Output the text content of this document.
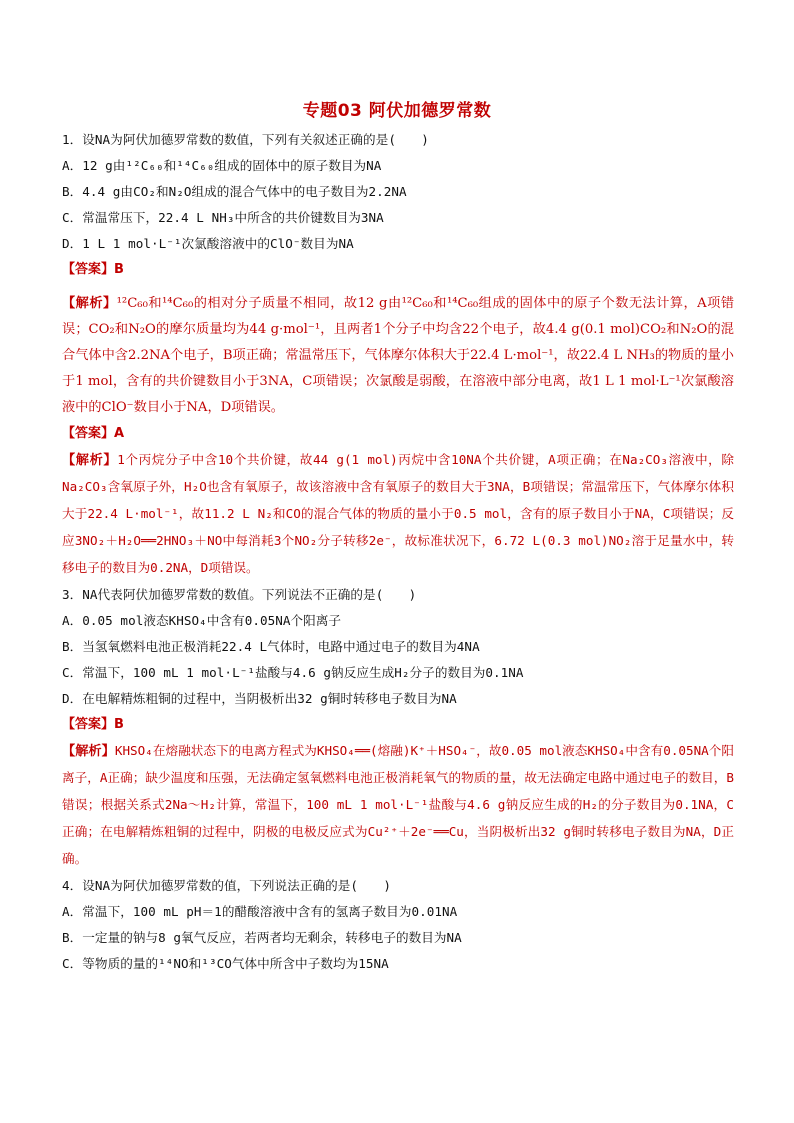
专题03 阿伏加德罗常数
1．设NA为阿伏加德罗常数的数值，下列有关叙述正确的是(　　)
A．12 g由¹²C₆₀和¹⁴C₆₀组成的固体中的原子数目为NA
B．4.4 g由CO₂和N₂O组成的混合气体中的电子数目为2.2NA
C．常温常压下，22.4 L NH₃中所含的共价键数目为3NA
D．1 L 1 mol·L⁻¹次氯酸溶液中的ClO⁻数目为NA
【答案】B
【解析】¹²C₆₀和¹⁴C₆₀的相对分子质量不相同，故12 g由¹²C₆₀和¹⁴C₆₀组成的固体中的原子个数无法计算，A项错误；CO₂和N₂O的摩尔质量均为44 g·mol⁻¹，且两者1个分子中均含22个电子，故4.4 g(0.1 mol)CO₂和N₂O的混合气体中含2.2NA个电子，B项正确；常温常压下，气体摩尔体积大于22.4 L·mol⁻¹，故22.4 L NH₃的物质的量小于1 mol，含有的共价键数目小于3NA，C项错误；次氯酸是弱酸，在溶液中部分电离，故1 L 1 mol·L⁻¹次氯酸溶液中的ClO⁻数目小于NA，D项错误。
【答案】A
【解析】1个丙烷分子中含10个共价键，故44 g(1 mol)丙烷中含10NA个共价键，A项正确；在Na₂CO₃溶液中，除Na₂CO₃含氧原子外，H₂O也含有氧原子，故该溶液中含有氧原子的数目大于3NA，B项错误；常温常压下，气体摩尔体积大于22.4 L·mol⁻¹，故11.2 L N₂和CO的混合气体的物质的量小于0.5 mol，含有的原子数目小于NA，C项错误；反应3NO₂＋H₂O══2HNO₃＋NO中每消耗3个NO₂分子转移2e⁻，故标准状况下，6.72 L(0.3 mol)NO₂溶于足量水中，转移电子的数目为0.2NA，D项错误。
3．NA代表阿伏加德罗常数的数值。下列说法不正确的是(　　)
A．0.05 mol液态KHSO₄中含有0.05NA个阳离子
B．当氢氧燃料电池正极消耗22.4 L气体时，电路中通过电子的数目为4NA
C．常温下，100 mL 1 mol·L⁻¹盐酸与4.6 g钠反应生成H₂分子的数目为0.1NA
D．在电解精炼粗铜的过程中，当阴极析出32 g铜时转移电子数目为NA
【答案】B
【解析】KHSO₄在熔融状态下的电离方程式为KHSO₄══(熔融)K⁺＋HSO₄⁻，故0.05 mol液态KHSO₄中含有0.05NA个阳离子，A正确；缺少温度和压强，无法确定氢氧燃料电池正极消耗氧气的物质的量，故无法确定电路中通过电子的数目，B错误；根据关系式2Na～H₂计算，常温下，100 mL 1 mol·L⁻¹盐酸与4.6 g钠反应生成的H₂的分子数目为0.1NA，C正确；在电解精炼粗铜的过程中，阴极的电极反应式为Cu²⁺＋2e⁻══Cu，当阴极析出32 g铜时转移电子数目为NA，D正确。
4．设NA为阿伏加德罗常数的值，下列说法正确的是(　　)
A．常温下，100 mL pH＝1的醋酸溶液中含有的氢离子数目为0.01NA
B．一定量的钠与8 g氧气反应，若两者均无剩余，转移电子的数目为NA
C．等物质的量的¹⁴NO和¹³CO气体中所含中子数均为15NA
